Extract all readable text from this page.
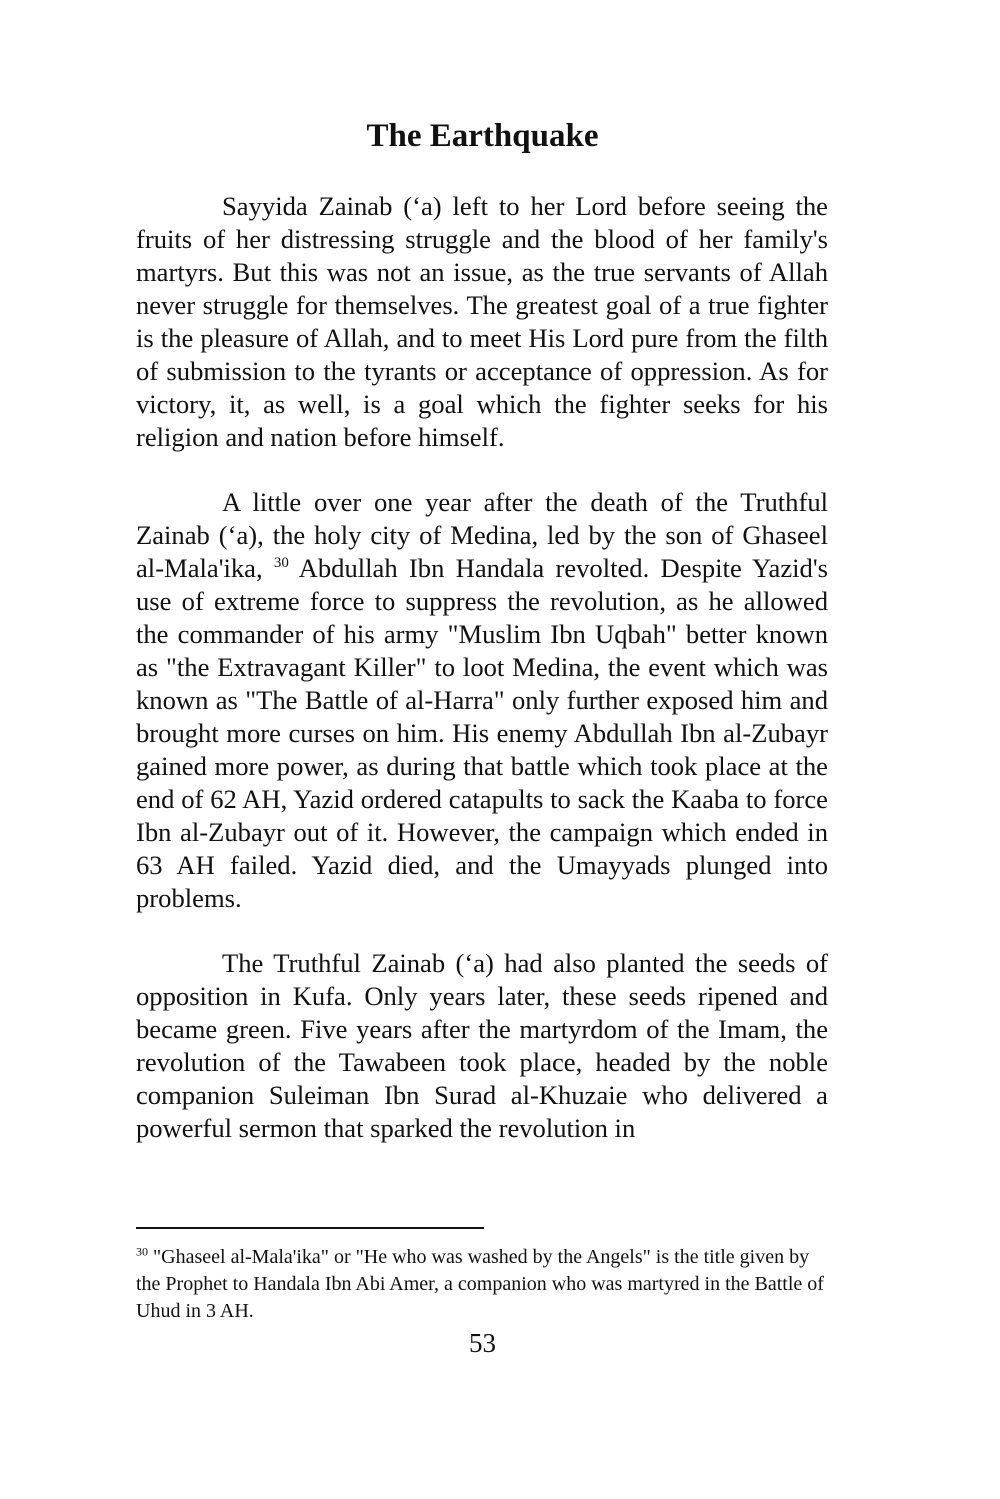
The Earthquake

Sayyida Zainab (‘a) left to her Lord before seeing the fruits of her distressing struggle and the blood of her family's martyrs. But this was not an issue, as the true servants of Allah never struggle for themselves. The greatest goal of a true fighter is the pleasure of Allah, and to meet His Lord pure from the filth of submission to the tyrants or acceptance of oppression. As for victory, it, as well, is a goal which the fighter seeks for his religion and nation before himself.

A little over one year after the death of the Truthful Zainab (‘a), the holy city of Medina, led by the son of Ghaseel al-Mala'ika, $^{30}$ Abdullah Ibn Handala revolted. Despite Yazid's use of extreme force to suppress the revolution, as he allowed the commander of his army "Muslim Ibn Uqbah" better known as "the Extravagant Killer" to loot Medina, the event which was known as "The Battle of al-Harra" only further exposed him and brought more curses on him. His enemy Abdullah Ibn al-Zubayr gained more power, as during that battle which took place at the end of 62 AH, Yazid ordered catapults to sack the Kaaba to force Ibn al-Zubayr out of it. However, the campaign which ended in 63 AH failed. Yazid died, and the Umayyads plunged into problems.

The Truthful Zainab (‘a) had also planted the seeds of opposition in Kufa. Only years later, these seeds ripened and became green. Five years after the martyrdom of the Imam, the revolution of the Tawabeen took place, headed by the noble companion Suleiman Ibn Surad al-Khuzaie who delivered a powerful sermon that sparked the revolution in

$^{30}$ "Ghaseel al-Mala'ika" or "He who was washed by the Angels" is the title given by the Prophet to Handala Ibn Abi Amer, a companion who was martyred in the Battle of Uhud in 3 AH.

53
